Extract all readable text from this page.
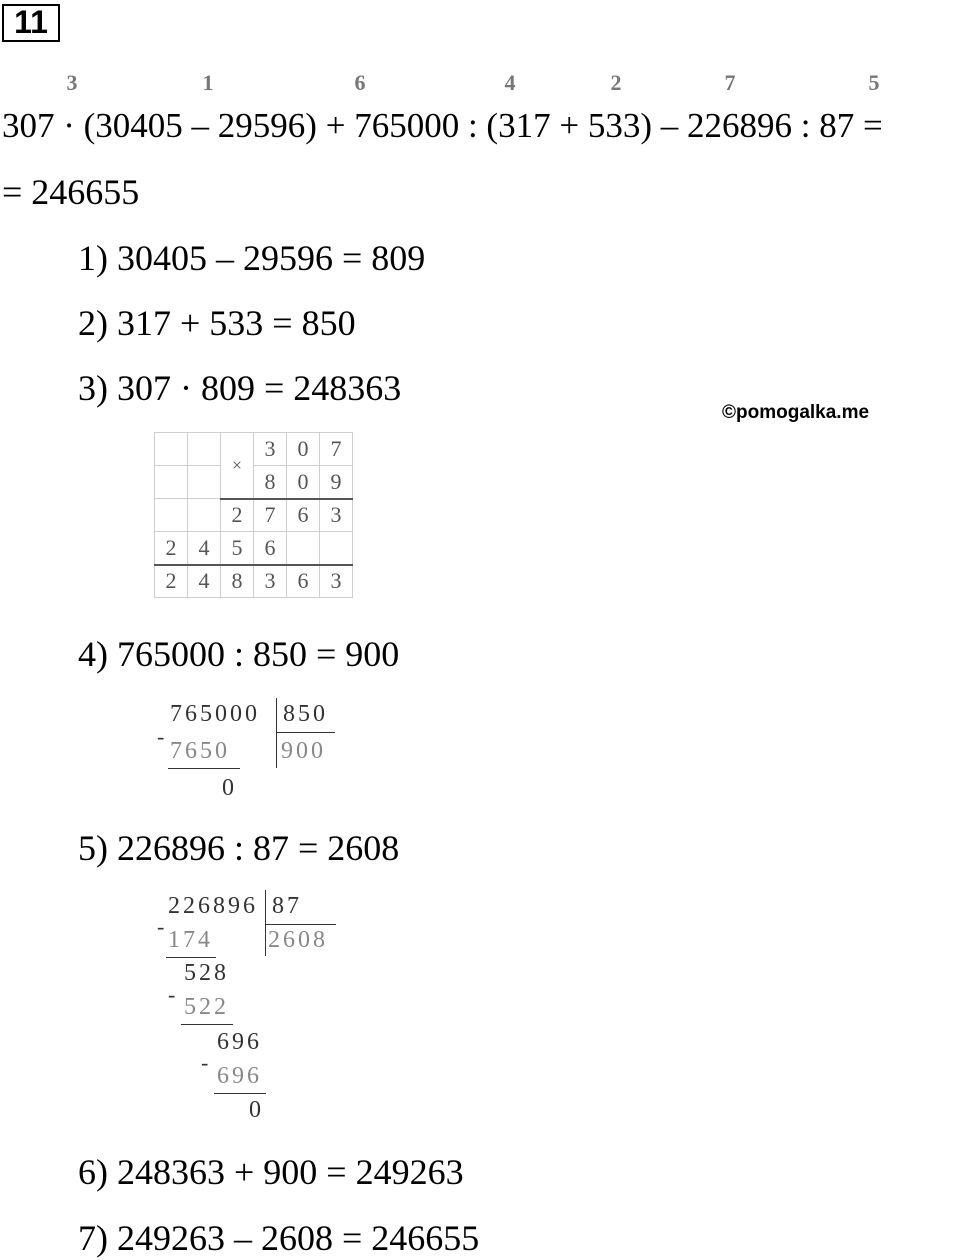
11
3	1	6	4	2	7	5
307 · (30405 – 29596) + 765000 : (317 + 533) – 226896 : 87 =
= 246655
1) 30405 – 29596 = 809
2) 317 + 533 = 850
3) 307 · 809 = 248363
©pomogalka.me
		×	3	0	7
			8	0	9
		2	7	6	3
2	4	5	6		
2	4	8	3	6	3
4) 765000 : 850 = 900
-
765000 850
7650 900
0
5) 226896 : 87 = 2608
-
226896 87
174 2608
-
528
522
-
696
696
0
6) 248363 + 900 = 249263
7) 249263 – 2608 = 246655
